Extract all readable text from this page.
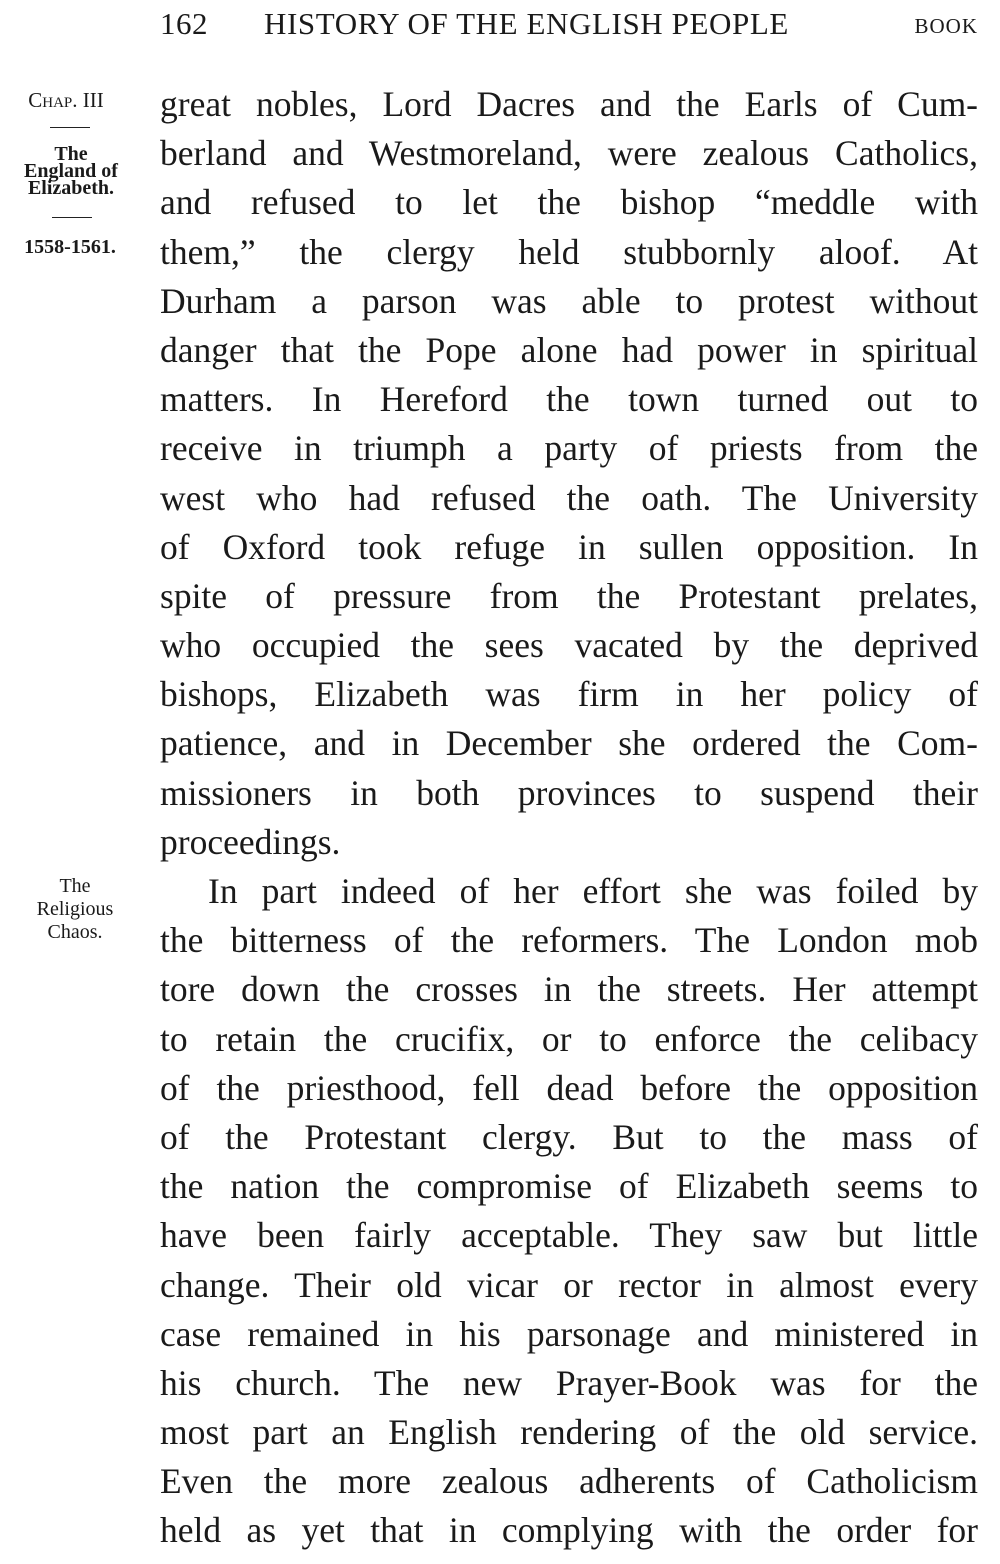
162 HISTORY OF THE ENGLISH PEOPLE	BOOK
Chap. III
The
England of
Elizabeth.
1558-1561.
The
Religious
Chaos.
great nobles, Lord Dacres and the Earls of Cum-
berland and Westmoreland, were zealous Catholics,
and refused to let the bishop “meddle with
them,” the clergy held stubbornly aloof. At
Durham a parson was able to protest without
danger that the Pope alone had power in spiritual
matters. In Hereford the town turned out to
receive in triumph a party of priests from the
west who had refused the oath. The University
of Oxford took refuge in sullen opposition. In
spite of pressure from the Protestant prelates,
who occupied the sees vacated by the deprived
bishops, Elizabeth was firm in her policy of
patience, and in December she ordered the Com-
missioners in both provinces to suspend their
proceedings.
In part indeed of her effort she was foiled by
the bitterness of the reformers. The London mob
tore down the crosses in the streets. Her attempt
to retain the crucifix, or to enforce the celibacy
of the priesthood, fell dead before the opposition
of the Protestant clergy. But to the mass of
the nation the compromise of Elizabeth seems to
have been fairly acceptable. They saw but little
change. Their old vicar or rector in almost every
case remained in his parsonage and ministered in
his church. The new Prayer-Book was for the
most part an English rendering of the old service.
Even the more zealous adherents of Catholicism
held as yet that in complying with the order for
